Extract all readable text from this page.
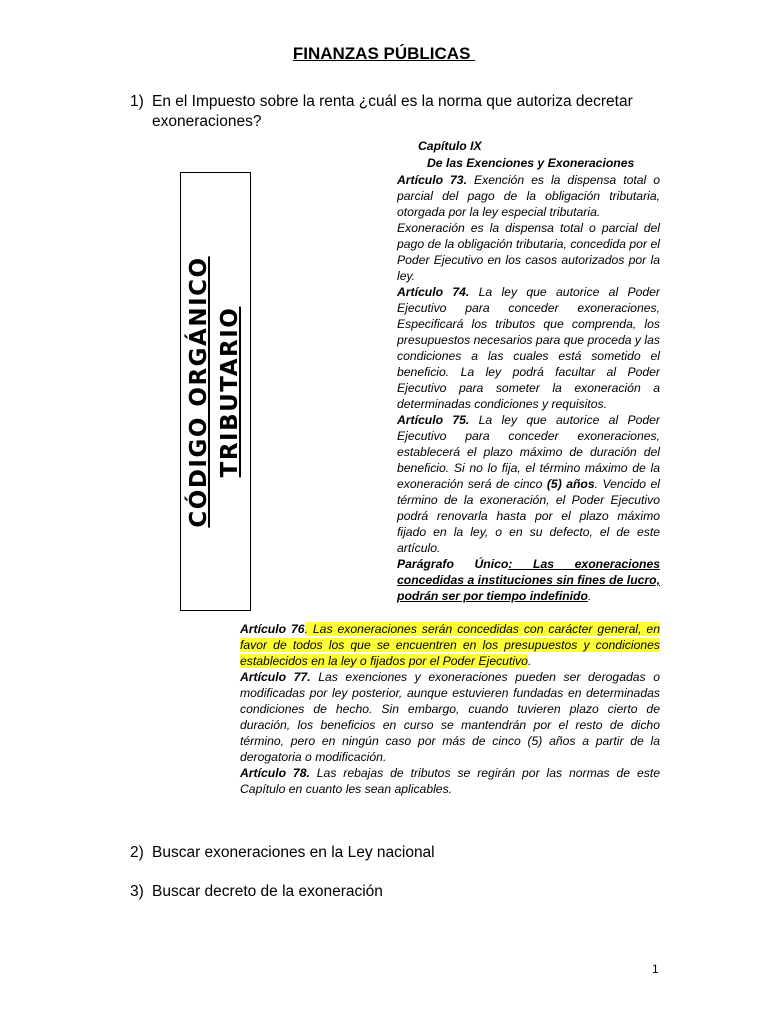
FINANZAS PÚBLICAS
1) En el Impuesto sobre la renta ¿cuál es la norma que autoriza decretar exoneraciones?
CÓDIGO ORGÁNICO TRIBUTARIO
Capítulo IX
De las Exenciones y Exoneraciones

Artículo 73. Exención es la dispensa total o parcial del pago de la obligación tributaria, otorgada por la ley especial tributaria.

Exoneración es la dispensa total o parcial del pago de la obligación tributaria, concedida por el Poder Ejecutivo en los casos autorizados por la ley.

Artículo 74. La ley que autorice al Poder Ejecutivo para conceder exoneraciones, Especificará los tributos que comprenda, los presupuestos necesarios para que proceda y las condiciones a las cuales está sometido el beneficio. La ley podrá facultar al Poder Ejecutivo para someter la exoneración a determinadas condiciones y requisitos.

Artículo 75. La ley que autorice al Poder Ejecutivo para conceder exoneraciones, establecerá el plazo máximo de duración del beneficio. Si no lo fija, el término máximo de la exoneración será de cinco (5) años. Vencido el término de la exoneración, el Poder Ejecutivo podrá renovarla hasta por el plazo máximo fijado en la ley, o en su defecto, el de este artículo.

Parágrafo Único: Las exoneraciones concedidas a instituciones sin fines de lucro, podrán ser por tiempo indefinido.

Artículo 76. Las exoneraciones serán concedidas con carácter general, en favor de todos los que se encuentren en los presupuestos y condiciones establecidos en la ley o fijados por el Poder Ejecutivo.

Artículo 77. Las exenciones y exoneraciones pueden ser derogadas o modificadas por ley posterior, aunque estuvieren fundadas en determinadas condiciones de hecho. Sin embargo, cuando tuvieren plazo cierto de duración, los beneficios en curso se mantendrán por el resto de dicho término, pero en ningún caso por más de cinco (5) años a partir de la derogatoria o modificación.

Artículo 78. Las rebajas de tributos se regirán por las normas de este Capítulo en cuanto les sean aplicables.

2) Buscar exoneraciones en la Ley nacional
3) Buscar decreto de la exoneración
1
